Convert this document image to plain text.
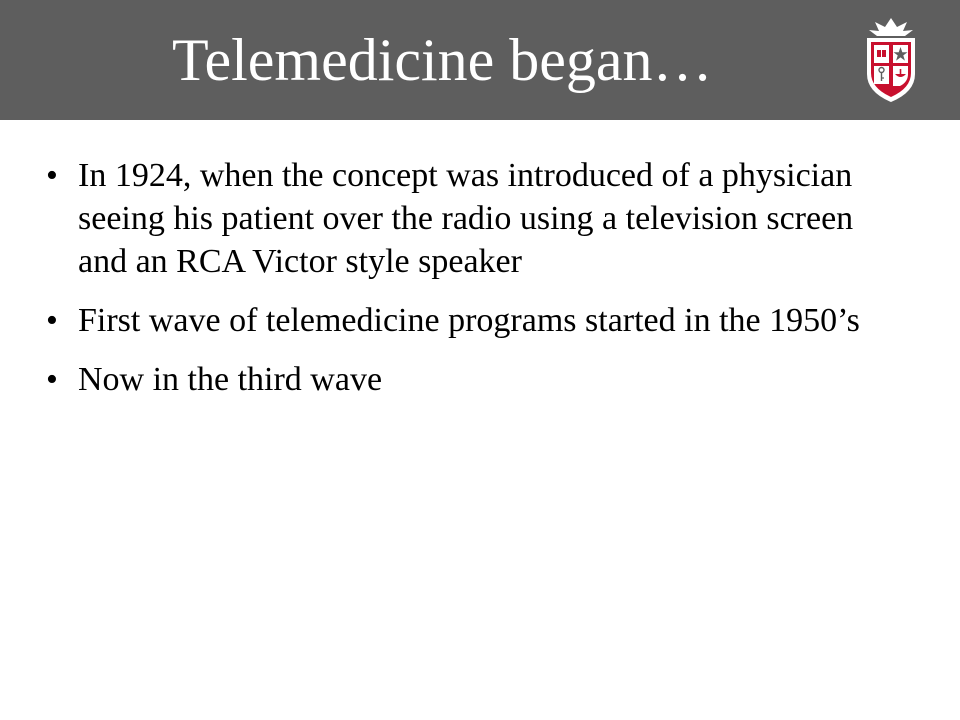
Telemedicine began…
• In 1924, when the concept was introduced of a physician seeing his patient over the radio using a television screen and an RCA Victor style speaker
• First wave of telemedicine programs started in the 1950’s
• Now in the third wave
